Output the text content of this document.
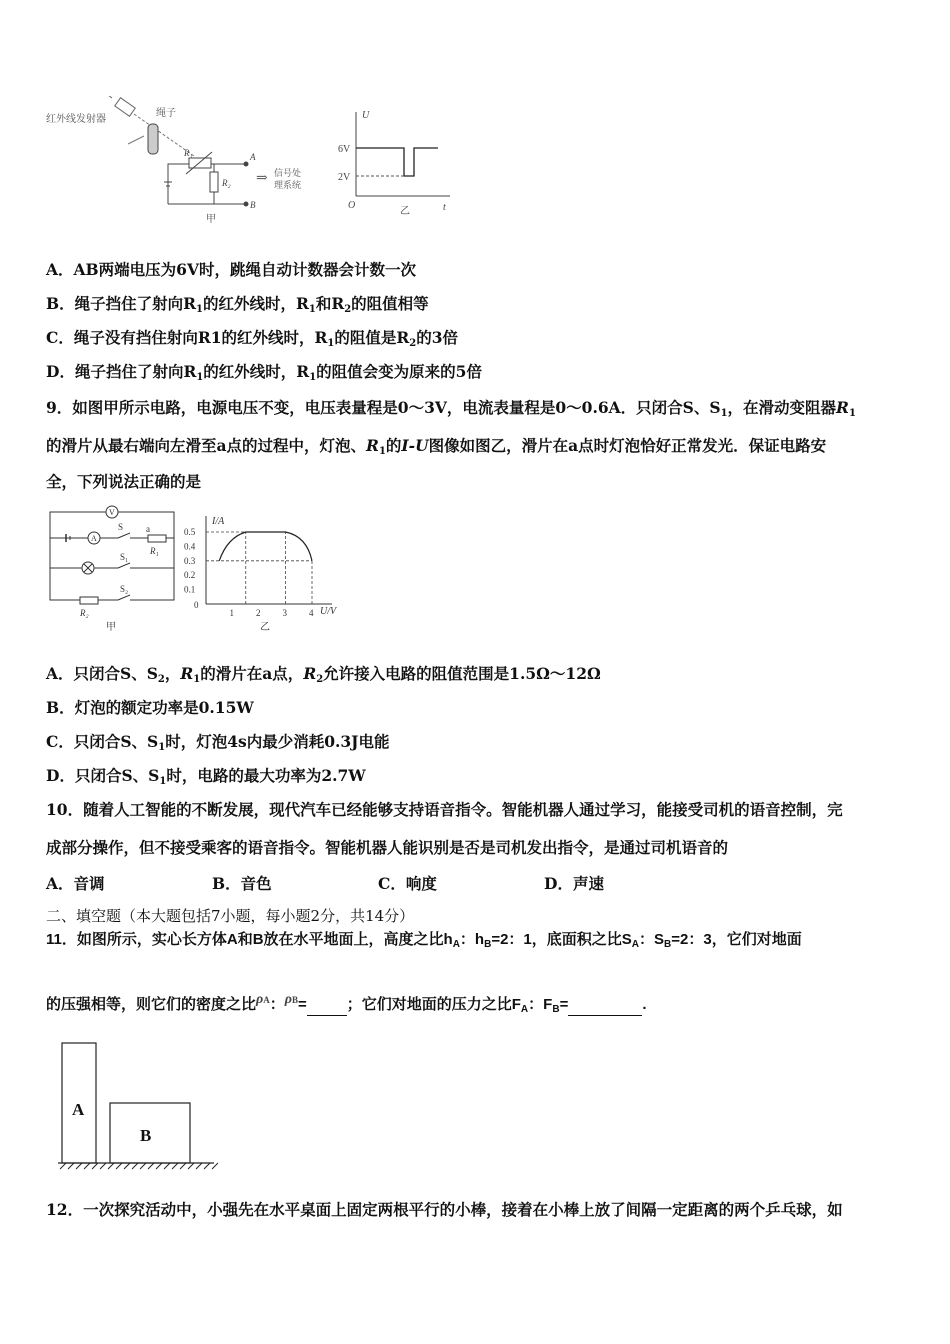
红外线发射器
绳子
R₁
R₂
A
B
⇒ 信号处
理系统
甲
U
t
O
6V
2V
乙
A．AB两端电压为6V时，跳绳自动计数器会计数一次
B．绳子挡住了射向$R_1$的红外线时，$R_1$和$R_2$的阻值相等
C．绳子没有挡住射向R1的红外线时，$R_1$的阻值是$R_2$的3倍
D．绳子挡住了射向$R_1$的红外线时，$R_1$的阻值会变为原来的5倍
9．如图甲所示电路，电源电压不变，电压表量程是0～3V，电流表量程是0～0.6A．只闭合S、$S_1$，在滑动变阻器$R_1$
的滑片从最右端向左滑至a点的过程中，灯泡、$R_1$的I-U图像如图乙，滑片在a点时灯泡恰好正常发光．保证电路安
全，下列说法正确的是
V
A
S
S₁
S₂
a
R₁
R₂
甲
I/A
U/V
0
0.5
0.4
0.3
0.2
0.1
1 2 3 4
乙
A．只闭合S、$S_2$，$R_1$的滑片在a点，$R_2$允许接入电路的阻值范围是1.5Ω～12Ω
B．灯泡的额定功率是0.15W
C．只闭合S、$S_1$时，灯泡4s内最少消耗0.3J电能
D．只闭合S、$S_1$时，电路的最大功率为2.7W
10．随着人工智能的不断发展，现代汽车已经能够支持语音指令。智能机器人通过学习，能接受司机的语音控制，完
成部分操作，但不接受乘客的语音指令。智能机器人能识别是否是司机发出指令，是通过司机语音的
A．音调	B．音色	C．响度	D．声速
二、填空题（本大题包括7小题，每小题2分，共14分）
11．如图所示，实心长方体A和B放在水平地面上，高度之比$h_A$：$h_B=2$：1，底面积之比$S_A$：$S_B=2$：3，它们对地面
的压强相等，则它们的密度之比ρA：ρB=	；它们对地面的压力之比$F_A$：$F_B=$	.
A
B
12．一次探究活动中，小强先在水平桌面上固定两根平行的小棒，接着在小棒上放了间隔一定距离的两个乒乓球，如
